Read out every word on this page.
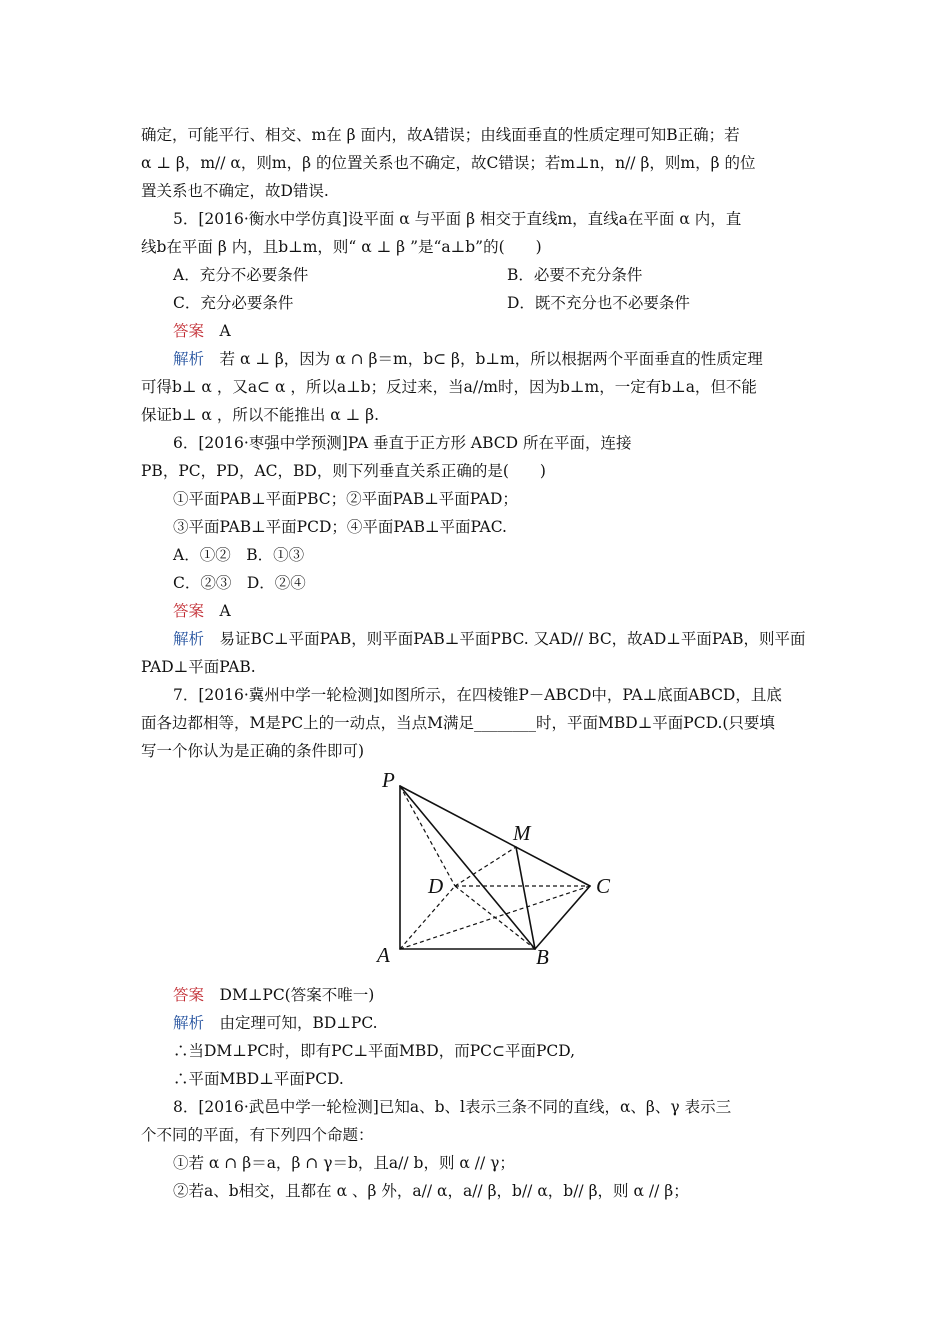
确定，可能平行、相交、m在 β 面内，故A错误；由线面垂直的性质定理可知B正确；若
α ⊥ β，m// α，则m，β 的位置关系也不确定，故C错误；若m⊥n，n// β，则m，β 的位
置关系也不确定，故D错误.
5．[2016·衡水中学仿真]设平面 α 与平面 β 相交于直线m，直线a在平面 α 内，直
线b在平面 β 内，且b⊥m，则“ α ⊥ β ”是“a⊥b”的(　　)
A．充分不必要条件	B．必要不充分条件
C．充分必要条件	D．既不充分也不必要条件
答案  A
解析  若 α ⊥ β，因为 α ∩ β＝m，b⊂ β，b⊥m，所以根据两个平面垂直的性质定理
可得b⊥ α ，又a⊂ α ，所以a⊥b；反过来，当a//m时，因为b⊥m，一定有b⊥a，但不能
保证b⊥ α ，所以不能推出 α ⊥ β.
6．[2016·枣强中学预测]PA 垂直于正方形 ABCD 所在平面，连接
PB，PC，PD，AC，BD，则下列垂直关系正确的是(　　)
①平面PAB⊥平面PBC；②平面PAB⊥平面PAD；
③平面PAB⊥平面PCD；④平面PAB⊥平面PAC.
A．①②　B．①③
C．②③　D．②④
答案  A
解析  易证BC⊥平面PAB，则平面PAB⊥平面PBC. 又AD// BC，故AD⊥平面PAB，则平面
PAD⊥平面PAB.
7．[2016·冀州中学一轮检测]如图所示，在四棱锥P－ABCD中，PA⊥底面ABCD，且底
面各边都相等，M是PC上的一动点，当点M满足________时，平面MBD⊥平面PCD.(只要填
写一个你认为是正确的条件即可)
P
M
D	C
A	B
答案  DM⊥PC(答案不唯一)
解析  由定理可知，BD⊥PC.
∴当DM⊥PC时，即有PC⊥平面MBD，而PC⊂平面PCD,
∴平面MBD⊥平面PCD.
8．[2016·武邑中学一轮检测]已知a、b、l表示三条不同的直线，α、β、γ 表示三
个不同的平面，有下列四个命题：
①若 α ∩ β＝a，β ∩ γ＝b，且a// b，则 α // γ；
②若a、b相交，且都在 α 、β 外，a// α，a// β，b// α，b// β，则 α // β；
